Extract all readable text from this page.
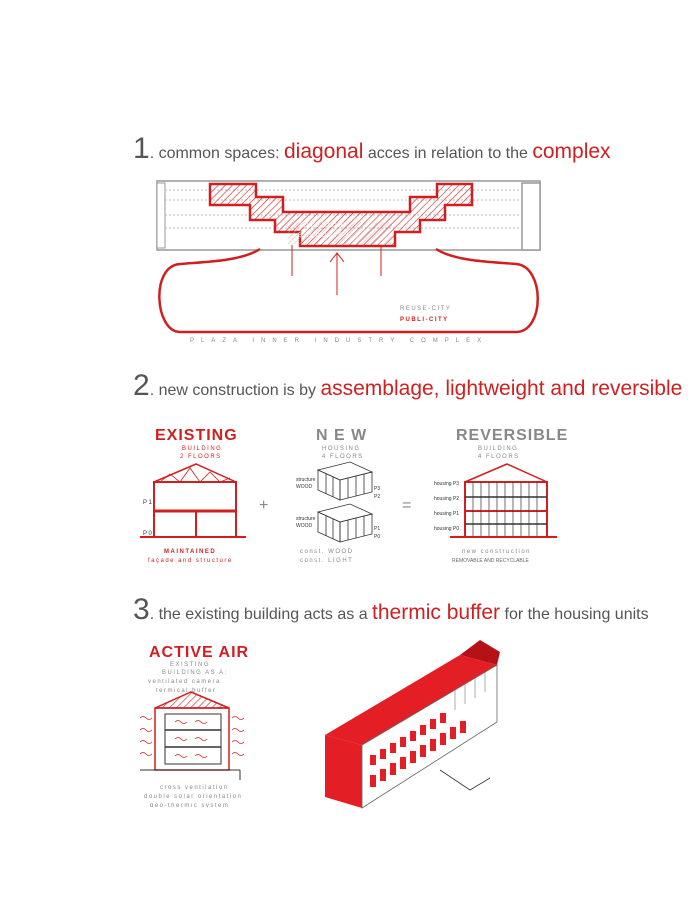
1. common spaces: diagonal acces in relation to the complex
2. new construction is by assemblage, lightweight and reversible
3. the existing building acts as a thermic buffer for the housing units
INTERIOR
BALCONIES
REUSE-CITY
PUBLI-CITY
PLAZA INNER INDUSTRY COMPLEX
EXISTING
BUILDING
2 FLOORS
P1
P0
MAINTAINED
façade and structure
+
N E W
HOUSING
4 FLOORS
structure
WOOD	P3
P2
structure
WOOD	P1
P0
const. WOOD
const. LIGHT
=
REVERSIBLE
BUILDING
4 FLOORS
housing P3
housing P2
housing P1
housing P0
new construction
REMOVABLE AND RECYCLABLE
ACTIVE AIR
EXISTING
BUILDING AS A:
ventilated camera
termical buffer
cross ventilation
double solar orientation
geo-thermic system
